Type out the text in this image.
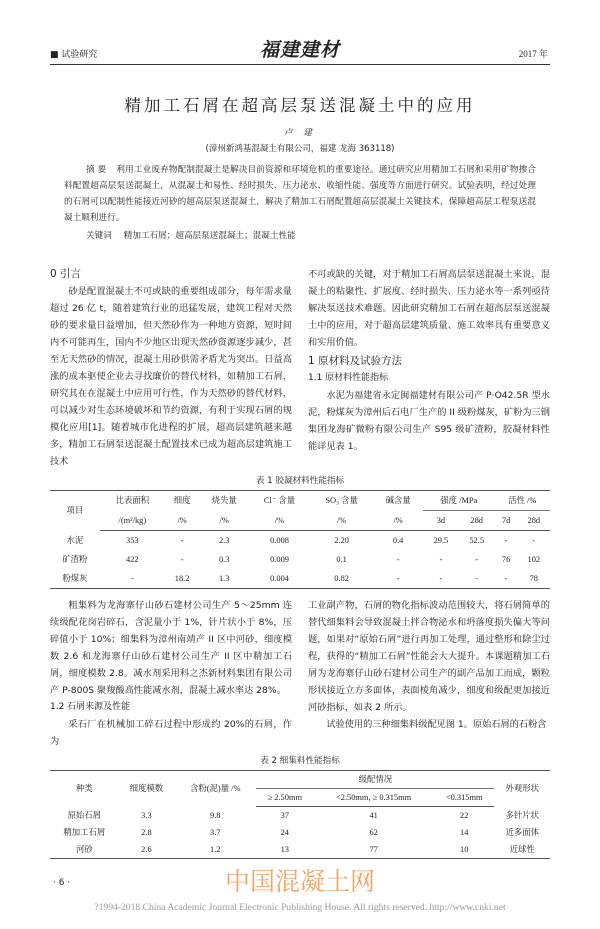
■ 试验研究	福建建材	2017 年
精加工石屑在超高层泵送混凝土中的应用
卢 建
(漳州新鸿基混凝土有限公司，福建 龙海 363118)
摘 要 利用工业废弃物配制混凝土是解决目前资源和环境危机的重要途径。通过研究应用精加工石屑和采用矿物掺合料配置超高层泵送混凝土，从混凝土和易性、经时损失、压力泌水、收缩性能、强度等方面进行研究。试验表明，经过处理的石屑可以配制性能接近河砂的超高层泵送混凝土，解决了精加工石屑配置超高层混凝土关键技术，保障超高层工程泵送混凝土顺利进行。
关键词 精加工石屑；超高层泵送混凝土；混凝土性能
0 引言

砂是配置混凝土不可或缺的重要组成部分，每年需求量超过 26 亿 t，随着建筑行业的迅猛发展，建筑工程对天然砂的要求量日益增加，但天然砂作为一种地方资源，短时间内不可能再生，国内不少地区出现天然砂资源逐步减少，甚至无天然砂的情况，混凝土用砂供需矛盾尤为突出。日益高涨的成本驱使企业去寻找廉价的替代材料，如精加工石屑，研究其在在混凝土中应用可行性，作为天然砂的替代材料，可以减少对生态环境破坏和节约资源，有利于实现石屑的规模化应用[1]。随着城市化进程的扩展，超高层建筑越来越多，精加工石屑泵送混凝土配置技术已成为超高层建筑施工技术

不可或缺的关键，对于精加工石屑高层泵送混凝土来说，混凝土的粘聚性、扩展度、经时损失、压力泌水等一系列亟待解决泵送技术难题。因此研究精加工石屑在超高层泵送混凝土中的应用，对于超高层建筑质量、施工效率具有重要意义和实用价值。

1 原材料及试验方法
1.1 原材料性能指标

水泥为福建省永定闽福建材有限公司产 P·O42.5R 型水泥，粉煤灰为漳州后石电厂生产的 II 级粉煤灰，矿粉为三钢集团龙海矿微粉有限公司生产 S95 级矿渣粉，胶凝材料性能详见表 1。

表 1 胶凝材料性能指标
项目	比表面积	细度	烧失量	Cl⁻ 含量	SO₃ 含量	碱含量	强度 /MPa		活性 /%	
	/(m²/kg)	/%	/%	/%	/%	/%	3d	28d	7d	28d
水泥	353	-	2.3	0.008	2.20	0.4	29.5	52.5	-	-
矿渣粉	422	-	0.3	0.009	0.1	-	-	-	76	102
粉煤灰	-	18.2	1.3	0.004	0.82	-	-	-	-	78

粗集料为龙海寨仔山砂石建材公司生产 5～25mm 连续级配花岗岩碎石，含泥量小于 1%，针片状小于 8%，压碎值小于 10%；细集料为漳州南靖产 II 区中河砂，细度模数 2.6 和龙海寨仔山砂石建材公司生产 II 区中精加工石屑，细度模数 2.8。减水剂采用科之杰新材料集团有限公司产 P-800S 聚羧酸高性能减水剂，混凝土减水率达 28%。

1.2 石屑来源及性能

采石厂在机械加工碎石过程中形成约 20%的石屑，作为

工业副产物，石屑的物化指标波动范围较大，将石屑简单的替代细集料会导致混凝土拌合物泌水和坍落度损失偏大等问题，如果对“原始石屑”进行再加工处理，通过整形和除尘过程，获得的“精加工石屑”性能会大大提升。本课题精加工石屑为龙海寨仔山砂石建材公司生产的副产品加工而成，颗粒形状接近立方多面体，表面棱角减少，细度和级配更加接近河砂指标，如表 2 所示。

试验使用的三种细集料级配见图 1。原始石屑的石粉含

表 2 细集料性能指标
种类	细度模数	含粉(泥)量 /%	级配情况			外观形状
			≥ 2.50mm	<2.50mm, ≥ 0.315mm	<0.315mm	
原始石屑	3.3	9.8	37	41	22	多针片状
精加工石屑	2.8	3.7	24	62	14	近多面体
河砂	2.6	1.2	13	77	10	近球性
中国混凝土网
· 6 ·
?1994-2018 China Academic Journal Electronic Publishing House. All rights reserved. http://www.cnki.net
